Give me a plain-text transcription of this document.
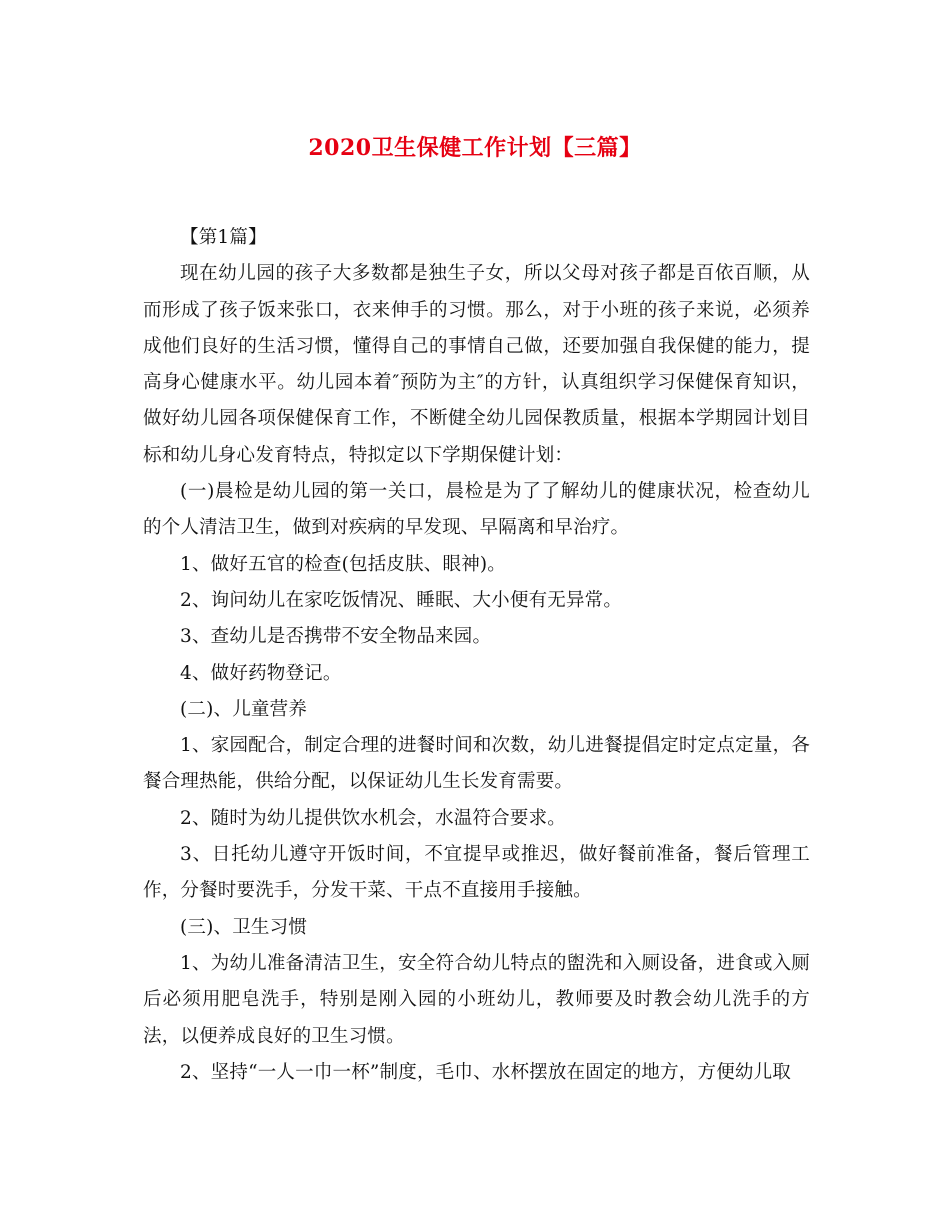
2020卫生保健工作计划【三篇】

【第1篇】

现在幼儿园的孩子大多数都是独生子女，所以父母对孩子都是百依百顺，从而形成了孩子饭来张口，衣来伸手的习惯。那么，对于小班的孩子来说，必须养成他们良好的生活习惯，懂得自己的事情自己做，还要加强自我保健的能力，提高身心健康水平。幼儿园本着″预防为主″的方针，认真组织学习保健保育知识，做好幼儿园各项保健保育工作，不断健全幼儿园保教质量，根据本学期园计划目标和幼儿身心发育特点，特拟定以下学期保健计划：

(一)晨检是幼儿园的第一关口，晨检是为了了解幼儿的健康状况，检查幼儿的个人清洁卫生，做到对疾病的早发现、早隔离和早治疗。

1、做好五官的检查(包括皮肤、眼神)。

2、询问幼儿在家吃饭情况、睡眠、大小便有无异常。

3、查幼儿是否携带不安全物品来园。

4、做好药物登记。

(二)、儿童营养

1、家园配合，制定合理的进餐时间和次数，幼儿进餐提倡定时定点定量，各餐合理热能，供给分配，以保证幼儿生长发育需要。

2、随时为幼儿提供饮水机会，水温符合要求。

3、日托幼儿遵守开饭时间，不宜提早或推迟，做好餐前准备，餐后管理工作，分餐时要洗手，分发干菜、干点不直接用手接触。

(三)、卫生习惯

1、为幼儿准备清洁卫生，安全符合幼儿特点的盥洗和入厕设备，进食或入厕后必须用肥皂洗手，特别是刚入园的小班幼儿，教师要及时教会幼儿洗手的方法，以便养成良好的卫生习惯。

2、坚持“一人一巾一杯”制度，毛巾、水杯摆放在固定的地方，方便幼儿取
